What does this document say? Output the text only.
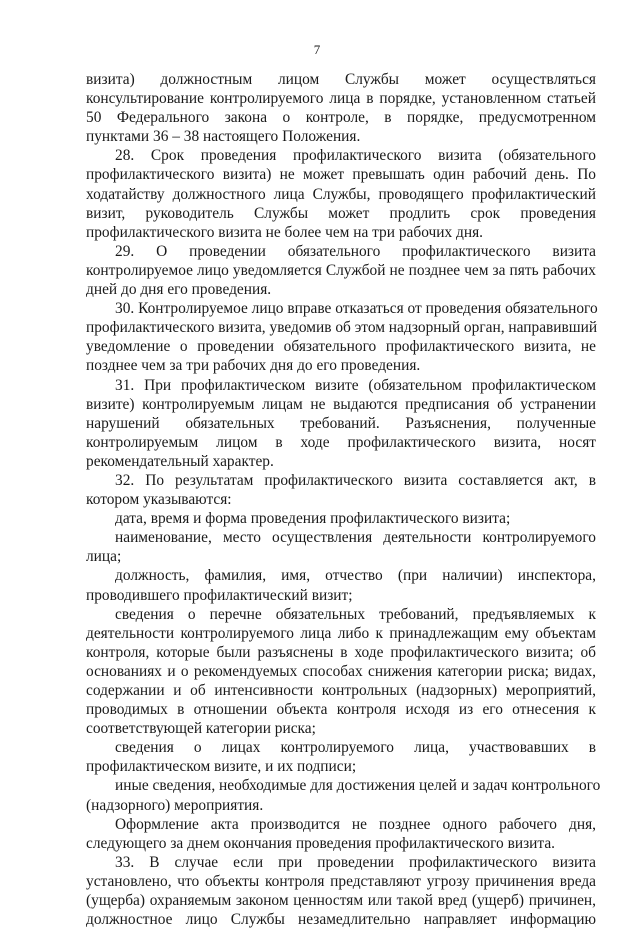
7
визита) должностным лицом Службы может осуществляться
консультирование контролируемого лица в порядке, установленном статьей
50 Федерального закона о контроле, в порядке, предусмотренном
пунктами 36 – 38 настоящего Положения.
28. Срок проведения профилактического визита (обязательного
профилактического визита) не может превышать один рабочий день. По
ходатайству должностного лица Службы, проводящего профилактический
визит, руководитель Службы может продлить срок проведения
профилактического визита не более чем на три рабочих дня.
29. О проведении обязательного профилактического визита
контролируемое лицо уведомляется Службой не позднее чем за пять рабочих
дней до дня его проведения.
30. Контролируемое лицо вправе отказаться от проведения обязательного
профилактического визита, уведомив об этом надзорный орган, направивший
уведомление о проведении обязательного профилактического визита, не
позднее чем за три рабочих дня до его проведения.
31. При профилактическом визите (обязательном профилактическом
визите) контролируемым лицам не выдаются предписания об устранении
нарушений обязательных требований. Разъяснения, полученные
контролируемым лицом в ходе профилактического визита, носят
рекомендательный характер.
32. По результатам профилактического визита составляется акт, в
котором указываются:
дата, время и форма проведения профилактического визита;
наименование, место осуществления деятельности контролируемого
лица;
должность, фамилия, имя, отчество (при наличии) инспектора,
проводившего профилактический визит;
сведения о перечне обязательных требований, предъявляемых к
деятельности контролируемого лица либо к принадлежащим ему объектам
контроля, которые были разъяснены в ходе профилактического визита; об
основаниях и о рекомендуемых способах снижения категории риска; видах,
содержании и об интенсивности контрольных (надзорных) мероприятий,
проводимых в отношении объекта контроля исходя из его отнесения к
соответствующей категории риска;
сведения о лицах контролируемого лица, участвовавших в
профилактическом визите, и их подписи;
иные сведения, необходимые для достижения целей и задач контрольного
(надзорного) мероприятия.
Оформление акта производится не позднее одного рабочего дня,
следующего за днем окончания проведения профилактического визита.
33. В случае если при проведении профилактического визита
установлено, что объекты контроля представляют угрозу причинения вреда
(ущерба) охраняемым законом ценностям или такой вред (ущерб) причинен,
должностное лицо Службы незамедлительно направляет информацию
